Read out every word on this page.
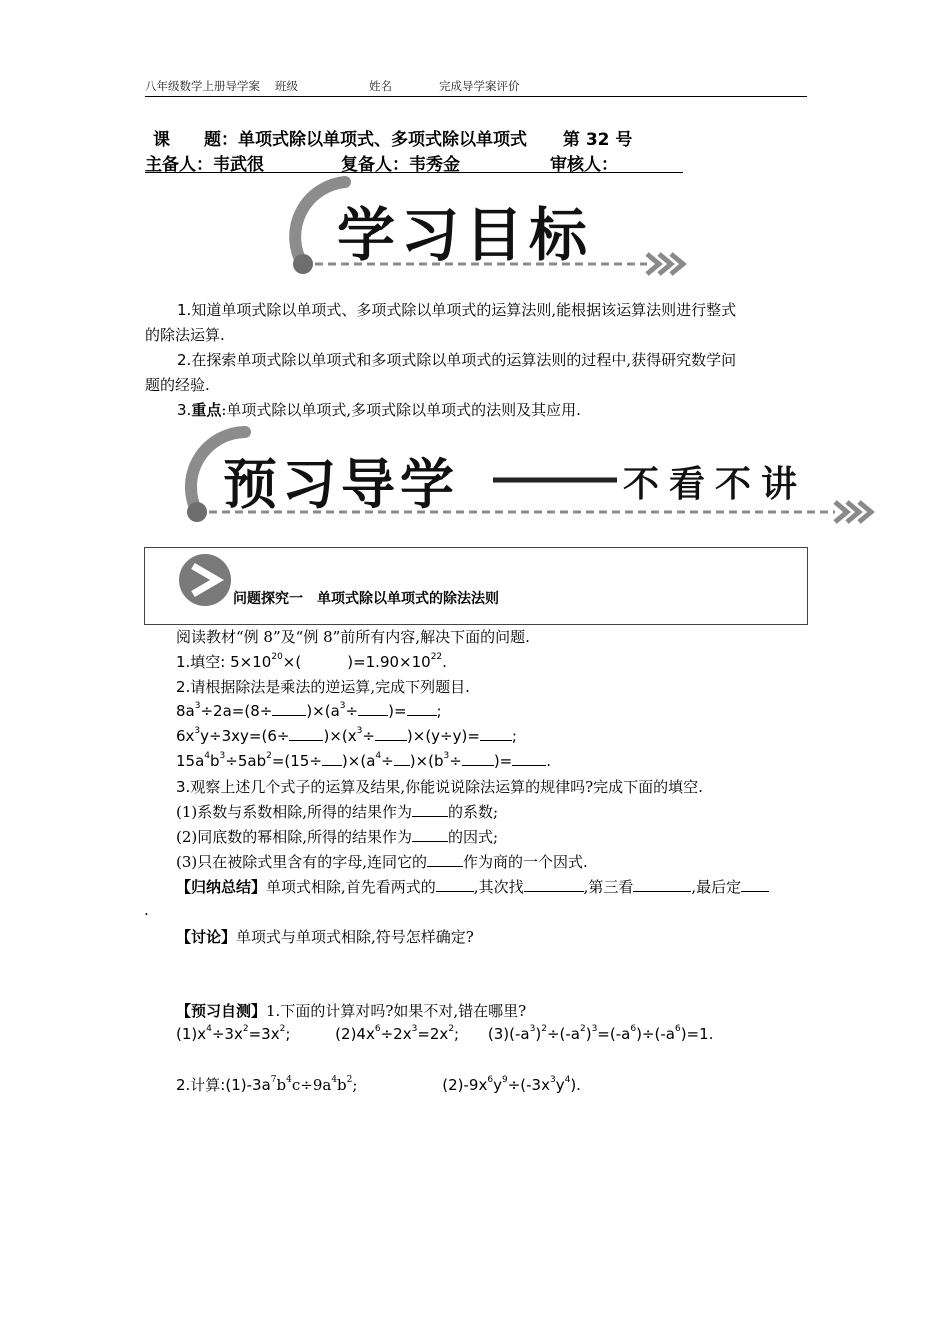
八年级数学上册导学案 班级	姓名	完成导学案评价
课　　题：单项式除以单项式、多项式除以单项式 第 32 号
主备人：韦武很	复备人：韦秀金	审核人：
学习目标
1.知道单项式除以单项式、多项式除以单项式的运算法则,能根据该运算法则进行整式
的除法运算.
2.在探索单项式除以单项式和多项式除以单项式的运算法则的过程中,获得研究数学问
题的经验.
3.重点:单项式除以单项式,多项式除以单项式的法则及其应用.
预习导学	不看不讲
问题探究一　单项式除以单项式的除法法则
阅读教材“例 8”及“例 8”前所有内容,解决下面的问题.
1.填空: $5\times 10^{20}\times$(	)$=1.90\times 10^{22}$.
2.请根据除法是乘法的逆运算,完成下列题目.
$8a^3\div 2a=(8\div )\times(a^3\div$ )= ;
$6x^3y\div 3xy=(6\div )\times(x^3\div )\times(y\div y)=$ ;
$15a^4b^3\div 5ab^2=(15\div )\times(a^4\div )\times(b^3\div$ )= .
3.观察上述几个式子的运算及结果,你能说说除法运算的规律吗?完成下面的填空.
(1)系数与系数相除,所得的结果作为 的系数;
(2)同底数的幂相除,所得的结果作为 的因式;
(3)只在被除式里含有的字母,连同它的 作为商的一个因式.
【归纳总结】单项式相除,首先看两式的	,其次找	,第三看	,最后定
.
【讨论】单项式与单项式相除,符号怎样确定?
【预习自测】1.下面的计算对吗?如果不对,错在哪里?
$(1)x^4\div 3x^2=3x^2$;	$(2)4x^6\div 2x^3=2x^2$; $(3)(-a^3)^2\div(-a^2)^3=(-a^6)\div(-a^6)=1$.
2.计算$:(1)-3a^7b^4c\div 9a^4b^2$;	$(2)-9x^6y^9\div(-3x^3y^4)$.
